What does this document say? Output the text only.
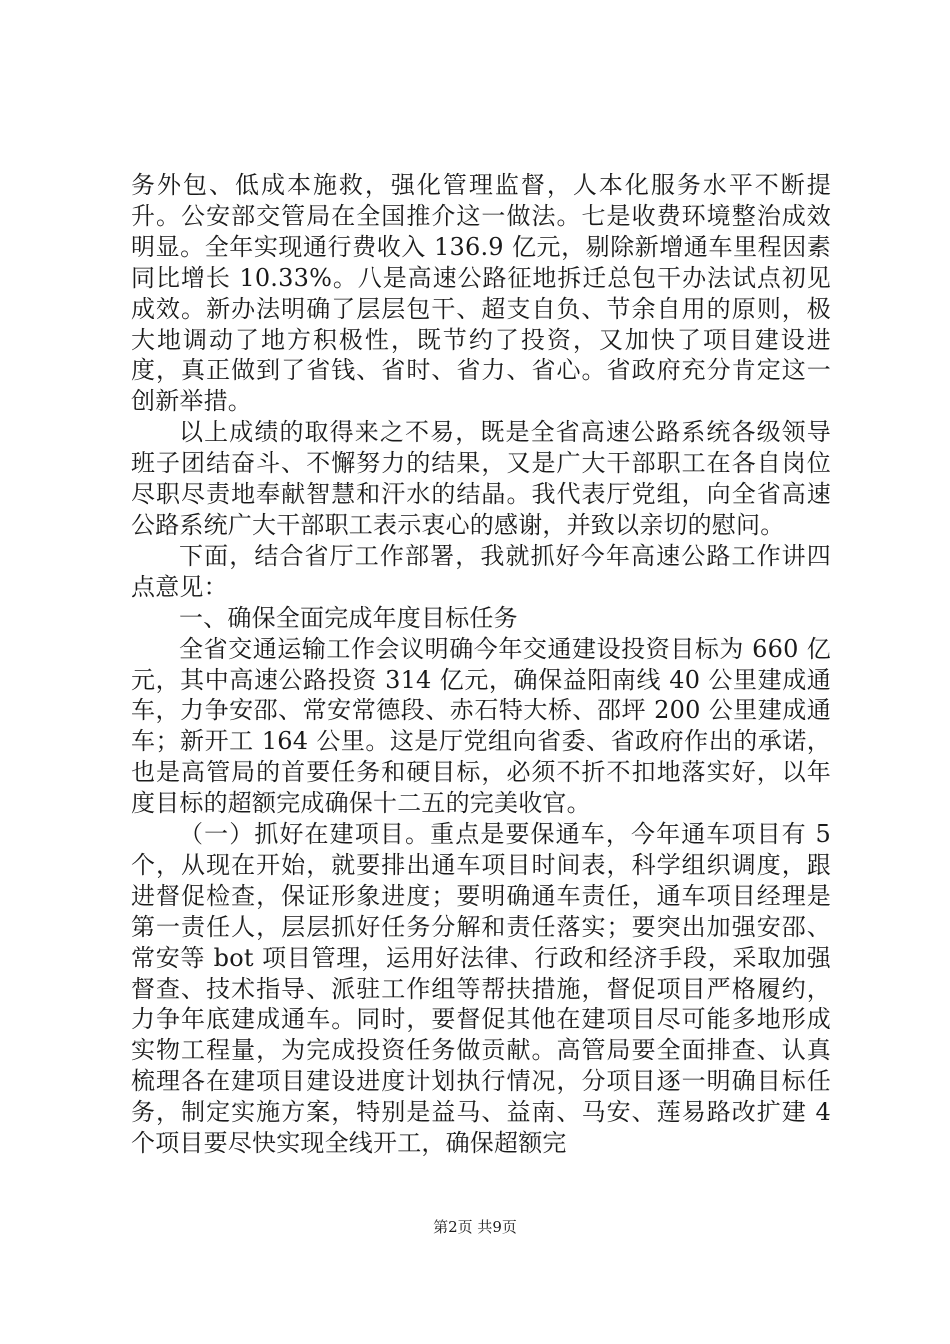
务外包、低成本施救，强化管理监督，人本化服务水平不断提升。公安部交管局在全国推介这一做法。七是收费环境整治成效明显。全年实现通行费收入 136.9 亿元，剔除新增通车里程因素同比增长 10.33%。八是高速公路征地拆迁总包干办法试点初见成效。新办法明确了层层包干、超支自负、节余自用的原则，极大地调动了地方积极性，既节约了投资，又加快了项目建设进度，真正做到了省钱、省时、省力、省心。省政府充分肯定这一创新举措。

以上成绩的取得来之不易，既是全省高速公路系统各级领导班子团结奋斗、不懈努力的结果，又是广大干部职工在各自岗位尽职尽责地奉献智慧和汗水的结晶。我代表厅党组，向全省高速公路系统广大干部职工表示衷心的感谢，并致以亲切的慰问。

下面，结合省厅工作部署，我就抓好今年高速公路工作讲四点意见：

一、确保全面完成年度目标任务

全省交通运输工作会议明确今年交通建设投资目标为 660 亿元，其中高速公路投资 314 亿元，确保益阳南线 40 公里建成通车，力争安邵、常安常德段、赤石特大桥、邵坪 200 公里建成通车；新开工 164 公里。这是厅党组向省委、省政府作出的承诺，也是高管局的首要任务和硬目标，必须不折不扣地落实好，以年度目标的超额完成确保十二五的完美收官。

（一）抓好在建项目。重点是要保通车，今年通车项目有 5 个，从现在开始，就要排出通车项目时间表，科学组织调度，跟进督促检查，保证形象进度；要明确通车责任，通车项目经理是第一责任人，层层抓好任务分解和责任落实；要突出加强安邵、常安等 bot 项目管理，运用好法律、行政和经济手段，采取加强督查、技术指导、派驻工作组等帮扶措施，督促项目严格履约，力争年底建成通车。同时，要督促其他在建项目尽可能多地形成实物工程量，为完成投资任务做贡献。高管局要全面排查、认真梳理各在建项目建设进度计划执行情况，分项目逐一明确目标任务，制定实施方案，特别是益马、益南、马安、莲易路改扩建 4 个项目要尽快实现全线开工，确保超额完

第2页 共9页
